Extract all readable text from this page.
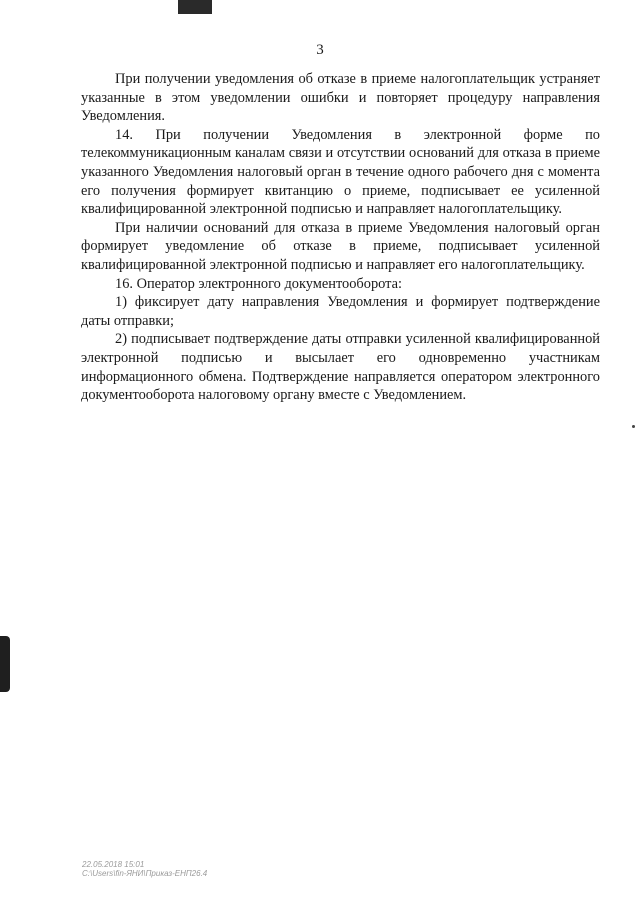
3

При получении уведомления об отказе в приеме налогоплательщик устраняет указанные в этом уведомлении ошибки и повторяет процедуру направления Уведомления.

14. При получении Уведомления в электронной форме по телекоммуникационным каналам связи и отсутствии оснований для отказа в приеме указанного Уведомления налоговый орган в течение одного рабочего дня с момента его получения формирует квитанцию о приеме, подписывает ее усиленной квалифицированной электронной подписью и направляет налогоплательщику.

При наличии оснований для отказа в приеме Уведомления налоговый орган формирует уведомление об отказе в приеме, подписывает усиленной квалифицированной электронной подписью и направляет его налогоплательщику.

16. Оператор электронного документооборота:

1) фиксирует дату направления Уведомления и формирует подтверждение даты отправки;

2) подписывает подтверждение даты отправки усиленной квалифицированной электронной подписью и высылает его одновременно участникам информационного обмена. Подтверждение направляется оператором электронного документооборота налоговому органу вместе с Уведомлением.

22.05.2018 15:01
C:\Users\fin-ЯНИ\Приказ-ЕНП26.4
